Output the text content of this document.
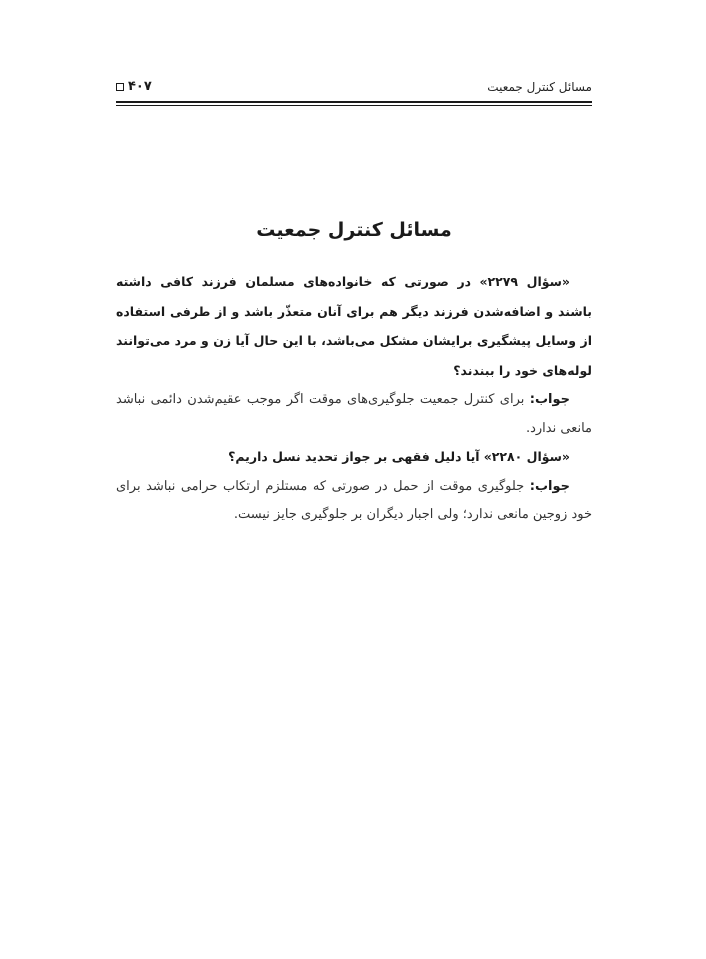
مسائل کنترل جمعیت
۴۰۷
مسائل کنترل جمعیت

«سؤال ۲۲۷۹» در صورتی که خانواده‌های مسلمان فرزند کافی داشته باشند و اضافه‌شدن فرزند دیگر هم برای آنان متعذّر باشد و از طرفی استفاده از وسایل پیشگیری برایشان مشکل می‌باشد، با این حال آیا زن و مرد می‌توانند لوله‌های خود را ببندند؟

جواب: برای کنترل جمعیت جلوگیری‌های موقت اگر موجب عقیم‌شدن دائمی نباشد مانعی ندارد.

«سؤال ۲۲۸۰» آیا دلیل فقهی بر جواز تحدید نسل داریم؟

جواب: جلوگیری موقت از حمل در صورتی که مستلزم ارتکاب حرامی نباشد برای خود زوجین مانعی ندارد؛ ولی اجبار دیگران بر جلوگیری جایز نیست.
